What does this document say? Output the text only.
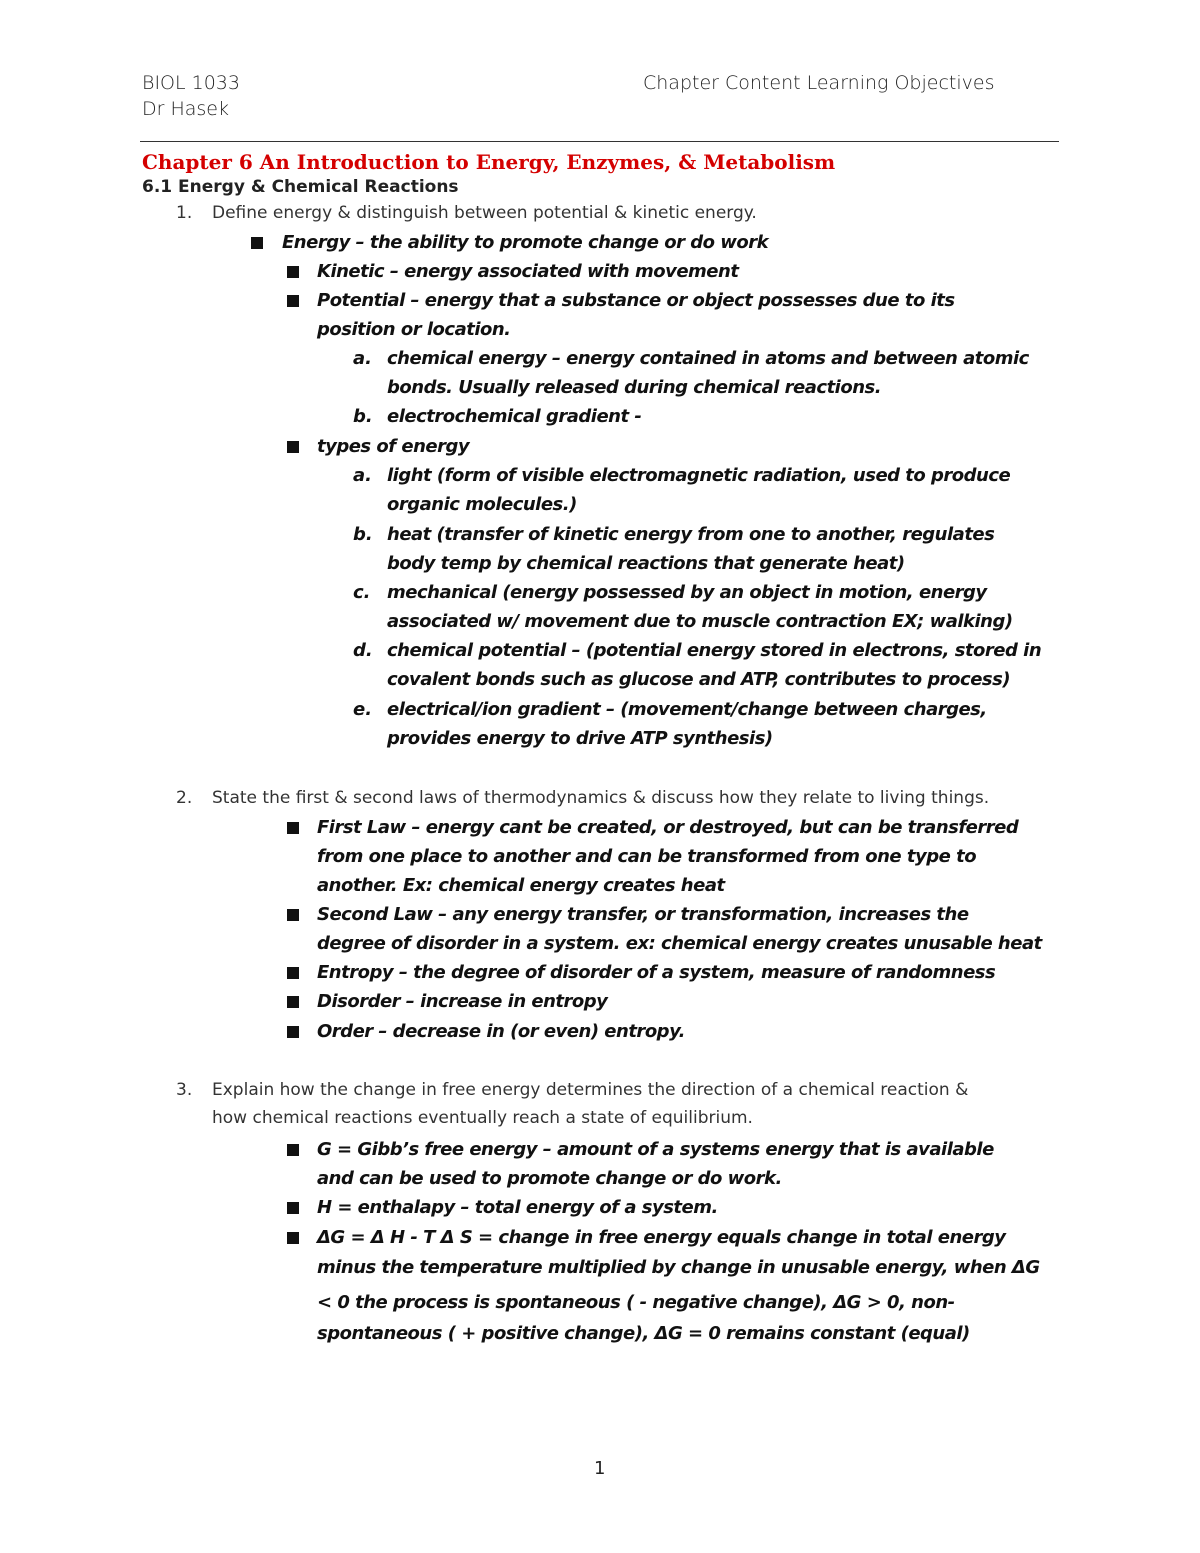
BIOL 1033
Dr Hasek
Chapter Content Learning Objectives
Chapter 6 An Introduction to Energy, Enzymes, & Metabolism
6.1 Energy & Chemical Reactions
1. Define energy & distinguish between potential & kinetic energy.
Energy – the ability to promote change or do work
Kinetic – energy associated with movement
Potential – energy that a substance or object possesses due to its
position or location.
a. chemical energy – energy contained in atoms and between atomic
bonds. Usually released during chemical reactions.
b. electrochemical gradient -
types of energy
a. light (form of visible electromagnetic radiation, used to produce
organic molecules.)
b. heat (transfer of kinetic energy from one to another, regulates
body temp by chemical reactions that generate heat)
c. mechanical (energy possessed by an object in motion, energy
associated w/ movement due to muscle contraction EX; walking)
d. chemical potential – (potential energy stored in electrons, stored in
covalent bonds such as glucose and ATP, contributes to process)
e. electrical/ion gradient – (movement/change between charges,
provides energy to drive ATP synthesis)
2. State the first & second laws of thermodynamics & discuss how they relate to living things.
First Law – energy cant be created, or destroyed, but can be transferred
from one place to another and can be transformed from one type to
another. Ex: chemical energy creates heat
Second Law – any energy transfer, or transformation, increases the
degree of disorder in a system. ex: chemical energy creates unusable heat
Entropy – the degree of disorder of a system, measure of randomness
Disorder – increase in entropy
Order – decrease in (or even) entropy.
3. Explain how the change in free energy determines the direction of a chemical reaction &
how chemical reactions eventually reach a state of equilibrium.
G = Gibb’s free energy – amount of a systems energy that is available
and can be used to promote change or do work.
H = enthalapy – total energy of a system.
ΔG = Δ H - T Δ S = change in free energy equals change in total energy
minus the temperature multiplied by change in unusable energy, when ΔG
< 0 the process is spontaneous ( - negative change), ΔG > 0, non-
spontaneous ( + positive change), ΔG = 0 remains constant (equal)
1
